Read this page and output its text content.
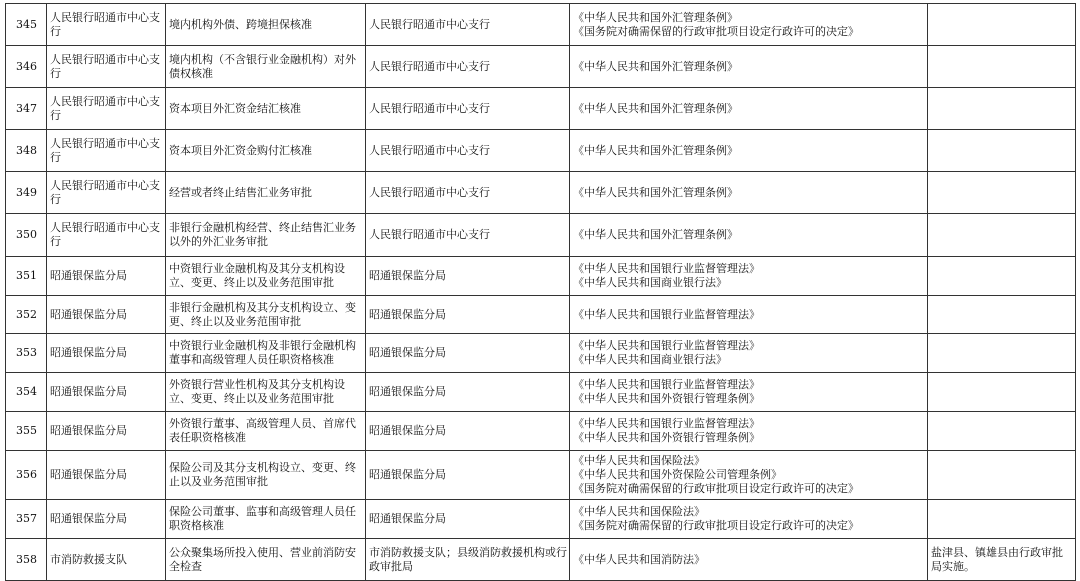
345	人民银行昭通市中心支行	境内机构外债、跨境担保核准	人民银行昭通市中心支行	《中华人民共和国外汇管理条例》
《国务院对确需保留的行政审批项目设定行政许可的决定》	

346	人民银行昭通市中心支行	境内机构（不含银行业金融机构）对外债权核准	人民银行昭通市中心支行	《中华人民共和国外汇管理条例》	

347	人民银行昭通市中心支行	资本项目外汇资金结汇核准	人民银行昭通市中心支行	《中华人民共和国外汇管理条例》	

348	人民银行昭通市中心支行	资本项目外汇资金购付汇核准	人民银行昭通市中心支行	《中华人民共和国外汇管理条例》	

349	人民银行昭通市中心支行	经营或者终止结售汇业务审批	人民银行昭通市中心支行	《中华人民共和国外汇管理条例》	

350	人民银行昭通市中心支行	非银行金融机构经营、终止结售汇业务以外的外汇业务审批	人民银行昭通市中心支行	《中华人民共和国外汇管理条例》	

351	昭通银保监分局	中资银行业金融机构及其分支机构设立、变更、终止以及业务范围审批	昭通银保监分局	《中华人民共和国银行业监督管理法》
《中华人民共和国商业银行法》	

352	昭通银保监分局	非银行金融机构及其分支机构设立、变更、终止以及业务范围审批	昭通银保监分局	《中华人民共和国银行业监督管理法》	

353	昭通银保监分局	中资银行业金融机构及非银行金融机构董事和高级管理人员任职资格核准	昭通银保监分局	《中华人民共和国银行业监督管理法》
《中华人民共和国商业银行法》	

354	昭通银保监分局	外资银行营业性机构及其分支机构设立、变更、终止以及业务范围审批	昭通银保监分局	《中华人民共和国银行业监督管理法》
《中华人民共和国外资银行管理条例》	

355	昭通银保监分局	外资银行董事、高级管理人员、首席代表任职资格核准	昭通银保监分局	《中华人民共和国银行业监督管理法》
《中华人民共和国外资银行管理条例》	

356	昭通银保监分局	保险公司及其分支机构设立、变更、终止以及业务范围审批	昭通银保监分局	《中华人民共和国保险法》
《中华人民共和国外资保险公司管理条例》
《国务院对确需保留的行政审批项目设定行政许可的决定》	

357	昭通银保监分局	保险公司董事、监事和高级管理人员任职资格核准	昭通银保监分局	《中华人民共和国保险法》
《国务院对确需保留的行政审批项目设定行政许可的决定》	

358	市消防救援支队	公众聚集场所投入使用、营业前消防安全检查	市消防救援支队；县级消防救援机构或行政审批局	《中华人民共和国消防法》	盐津县、镇雄县由行政审批局实施。
